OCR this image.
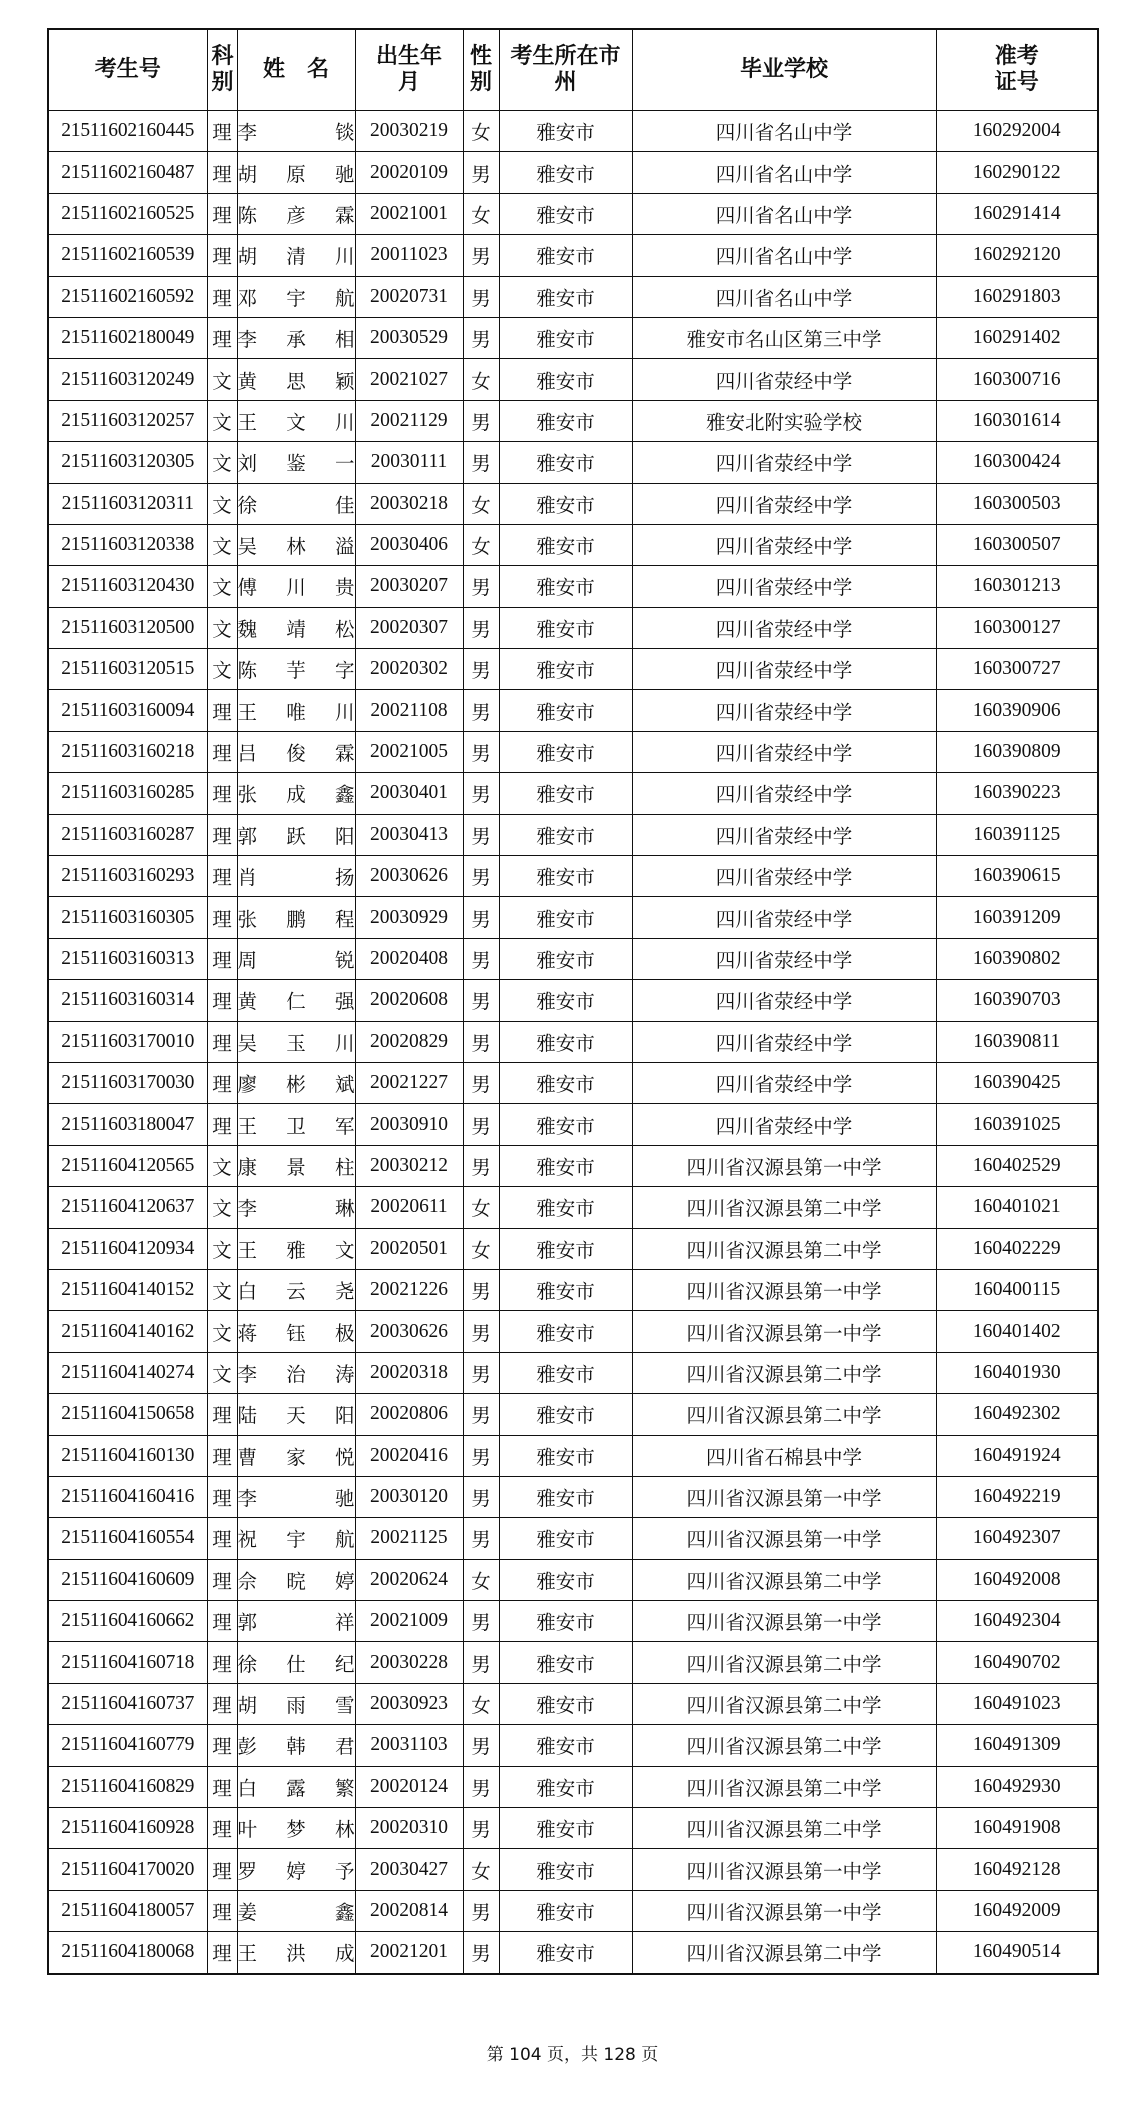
考生号	科别	姓　名	出生年月	性别	考生所在市州	毕业学校	准考证号
21511602160445	理	李　锬	20030219	女	雅安市	四川省名山中学	160292004
21511602160487	理	胡原驰	20020109	男	雅安市	四川省名山中学	160290122
21511602160525	理	陈彦霖	20021001	女	雅安市	四川省名山中学	160291414
21511602160539	理	胡清川	20011023	男	雅安市	四川省名山中学	160292120
21511602160592	理	邓宇航	20020731	男	雅安市	四川省名山中学	160291803
21511602180049	理	李承相	20030529	男	雅安市	雅安市名山区第三中学	160291402
21511603120249	文	黄思颖	20021027	女	雅安市	四川省荥经中学	160300716
21511603120257	文	王文川	20021129	男	雅安市	雅安北附实验学校	160301614
21511603120305	文	刘鉴一	20030111	男	雅安市	四川省荥经中学	160300424
21511603120311	文	徐　佳	20030218	女	雅安市	四川省荥经中学	160300503
21511603120338	文	吴林溢	20030406	女	雅安市	四川省荥经中学	160300507
21511603120430	文	傅川贵	20030207	男	雅安市	四川省荥经中学	160301213
21511603120500	文	魏靖松	20020307	男	雅安市	四川省荥经中学	160300127
21511603120515	文	陈芋字	20020302	男	雅安市	四川省荥经中学	160300727
21511603160094	理	王唯川	20021108	男	雅安市	四川省荥经中学	160390906
21511603160218	理	吕俊霖	20021005	男	雅安市	四川省荥经中学	160390809
21511603160285	理	张成鑫	20030401	男	雅安市	四川省荥经中学	160390223
21511603160287	理	郭跃阳	20030413	男	雅安市	四川省荥经中学	160391125
21511603160293	理	肖　扬	20030626	男	雅安市	四川省荥经中学	160390615
21511603160305	理	张鹏程	20030929	男	雅安市	四川省荥经中学	160391209
21511603160313	理	周　锐	20020408	男	雅安市	四川省荥经中学	160390802
21511603160314	理	黄仁强	20020608	男	雅安市	四川省荥经中学	160390703
21511603170010	理	吴玉川	20020829	男	雅安市	四川省荥经中学	160390811
21511603170030	理	廖彬斌	20021227	男	雅安市	四川省荥经中学	160390425
21511603180047	理	王卫军	20030910	男	雅安市	四川省荥经中学	160391025
21511604120565	文	康景柱	20030212	男	雅安市	四川省汉源县第一中学	160402529
21511604120637	文	李　琳	20020611	女	雅安市	四川省汉源县第二中学	160401021
21511604120934	文	王雅文	20020501	女	雅安市	四川省汉源县第二中学	160402229
21511604140152	文	白云尧	20021226	男	雅安市	四川省汉源县第一中学	160400115
21511604140162	文	蒋钰极	20030626	男	雅安市	四川省汉源县第一中学	160401402
21511604140274	文	李治涛	20020318	男	雅安市	四川省汉源县第二中学	160401930
21511604150658	理	陆天阳	20020806	男	雅安市	四川省汉源县第二中学	160492302
21511604160130	理	曹家悦	20020416	男	雅安市	四川省石棉县中学	160491924
21511604160416	理	李　驰	20030120	男	雅安市	四川省汉源县第一中学	160492219
21511604160554	理	祝宇航	20021125	男	雅安市	四川省汉源县第一中学	160492307
21511604160609	理	佘晥婷	20020624	女	雅安市	四川省汉源县第二中学	160492008
21511604160662	理	郭　祥	20021009	男	雅安市	四川省汉源县第一中学	160492304
21511604160718	理	徐仕纪	20030228	男	雅安市	四川省汉源县第二中学	160490702
21511604160737	理	胡雨雪	20030923	女	雅安市	四川省汉源县第二中学	160491023
21511604160779	理	彭韩君	20031103	男	雅安市	四川省汉源县第二中学	160491309
21511604160829	理	白露繁	20020124	男	雅安市	四川省汉源县第二中学	160492930
21511604160928	理	叶梦林	20020310	男	雅安市	四川省汉源县第二中学	160491908
21511604170020	理	罗婷予	20030427	女	雅安市	四川省汉源县第一中学	160492128
21511604180057	理	姜　鑫	20020814	男	雅安市	四川省汉源县第一中学	160492009
21511604180068	理	王洪成	20021201	男	雅安市	四川省汉源县第二中学	160490514
第 104 页，共 128 页
